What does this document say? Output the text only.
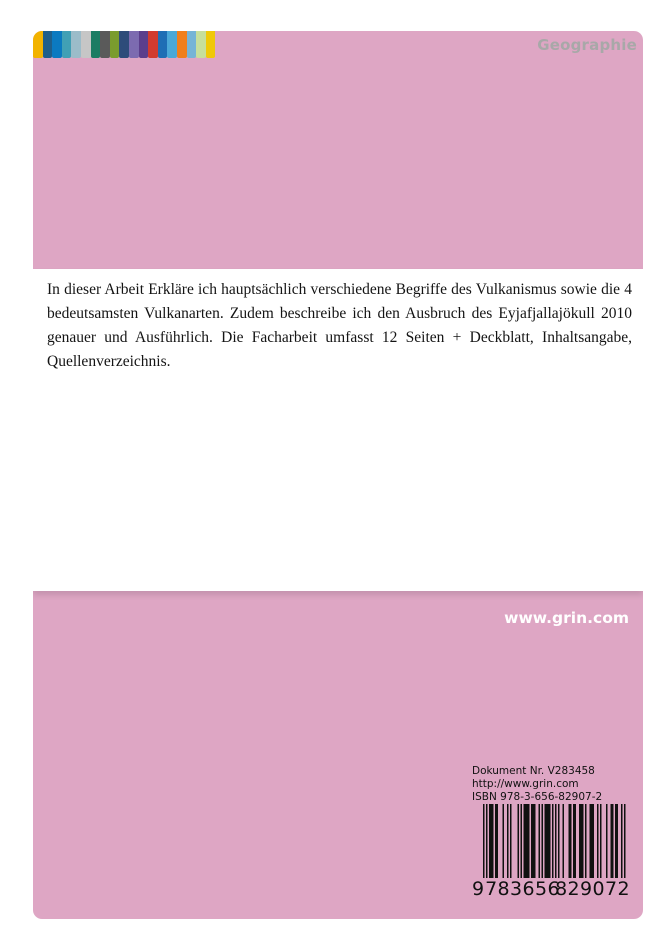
Geographie

In dieser Arbeit Erkläre ich hauptsächlich verschiedene Begriffe des Vulkanismus sowie die 4 bedeutsamsten Vulkanarten. Zudem beschreibe ich den Ausbruch des Eyjafjallajökull 2010 genauer und Ausführlich. Die Facharbeit umfasst 12 Seiten + Deckblatt, Inhaltsangabe, Quellenverzeichnis.

www.grin.com
Dokument Nr. V283458
http://www.grin.com
ISBN 978-3-656-82907-2
9 783656
829072
